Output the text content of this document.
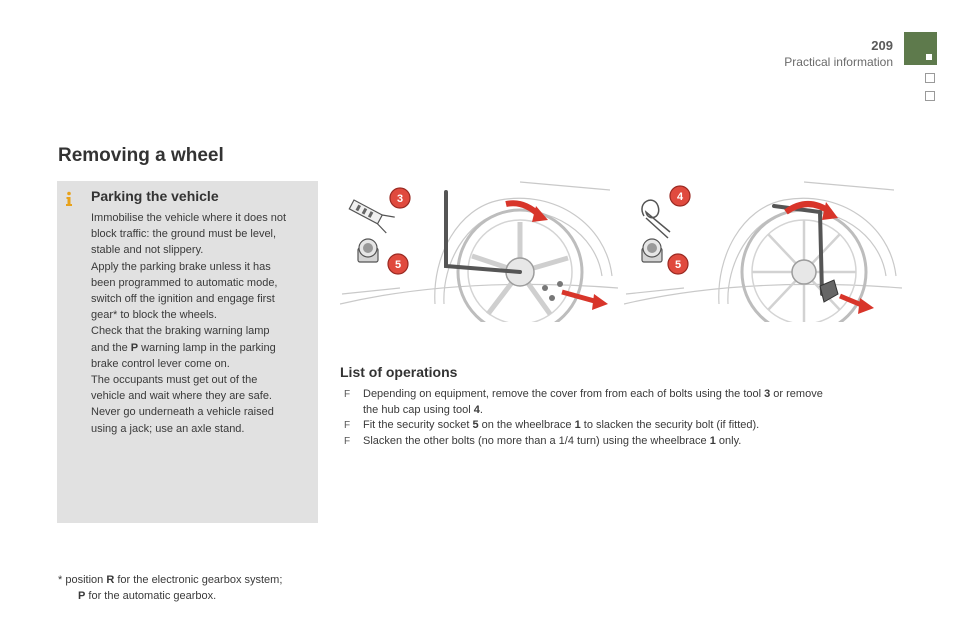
209
Practical information
Removing a wheel
Parking the vehicle
Immobilise the vehicle where it does not
block traffic: the ground must be level,
stable and not slippery.
Apply the parking brake unless it has
been programmed to automatic mode,
switch off the ignition and engage first
gear* to block the wheels.
Check that the braking warning lamp
and the P warning lamp in the parking
brake control lever come on.
The occupants must get out of the
vehicle and wait where they are safe.
Never go underneath a vehicle raised
using a jack; use an axle stand.
* position R for the electronic gearbox system;
P for the automatic gearbox.
3
5
4
5
List of operations
F Depending on equipment, remove the cover from from each of bolts using the tool 3 or remove
the hub cap using tool 4.
F Fit the security socket 5 on the wheelbrace 1 to slacken the security bolt (if fitted).
F Slacken the other bolts (no more than a 1/4 turn) using the wheelbrace 1 only.
